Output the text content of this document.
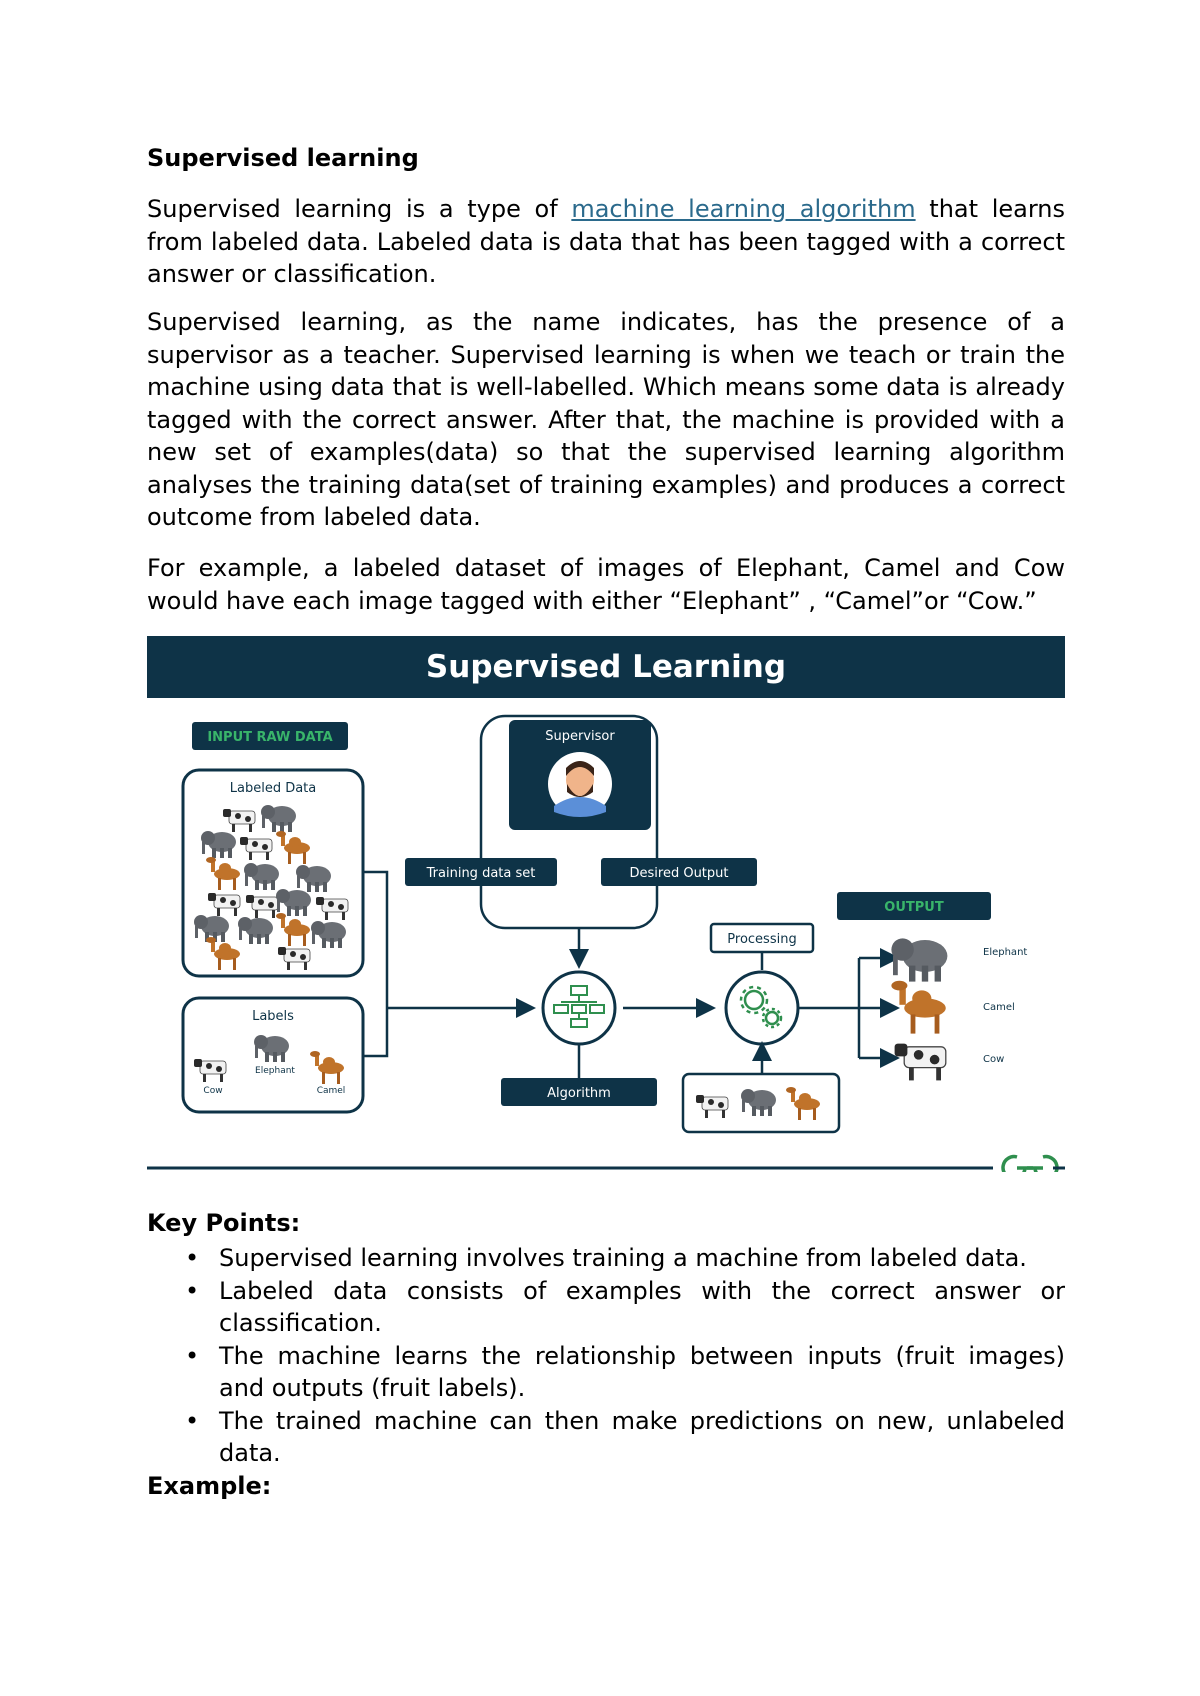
Supervised learning
Supervised learning is a type of machine learning algorithm that learns from labeled data. Labeled data is data that has been tagged with a correct answer or classification.
Supervised learning, as the name indicates, has the presence of a supervisor as a teacher. Supervised learning is when we teach or train the machine using data that is well-labelled. Which means some data is already tagged with the correct answer. After that, the machine is provided with a new set of examples(data) so that the supervised learning algorithm analyses the training data(set of training examples) and produces a correct outcome from labeled data.
For example, a labeled dataset of images of Elephant, Camel and Cow would have each image tagged with either “Elephant” , “Camel”or “Cow.”
Supervised Learning
INPUT RAW DATA
Labeled Data
Labels
Cow
Elephant
Camel
Supervisor
Training data set	Desired Output
Algorithm
Processing
OUTPUT
Elephant
Camel
Cow
Key Points:
• Supervised learning involves training a machine from labeled data.
• Labeled data consists of examples with the correct answer or classification.
• The machine learns the relationship between inputs (fruit images) and outputs (fruit labels).
• The trained machine can then make predictions on new, unlabeled data.
Example:
